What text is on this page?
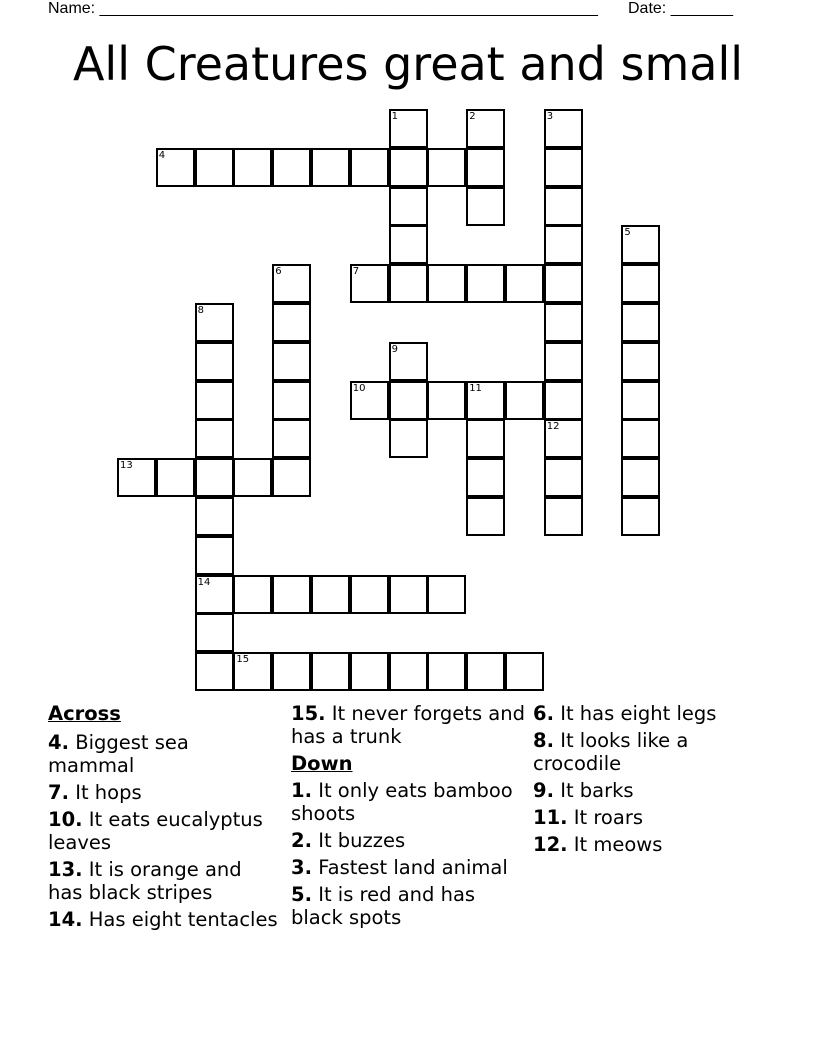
Name: ________________________________________________________ Date: _______
All Creatures great and small
4
7
10	11
13
14
15
1	2	3
5
6
8
9
12
Across
4. Biggest sea mammal
7. It hops
10. It eats eucalyptus leaves
13. It is orange and has black stripes
14. Has eight tentacles
15. It never forgets and has a trunk
Down
1. It only eats bamboo shoots
2. It buzzes
3. Fastest land animal
5. It is red and has black spots
6. It has eight legs
8. It looks like a crocodile
9. It barks
11. It roars
12. It meows
